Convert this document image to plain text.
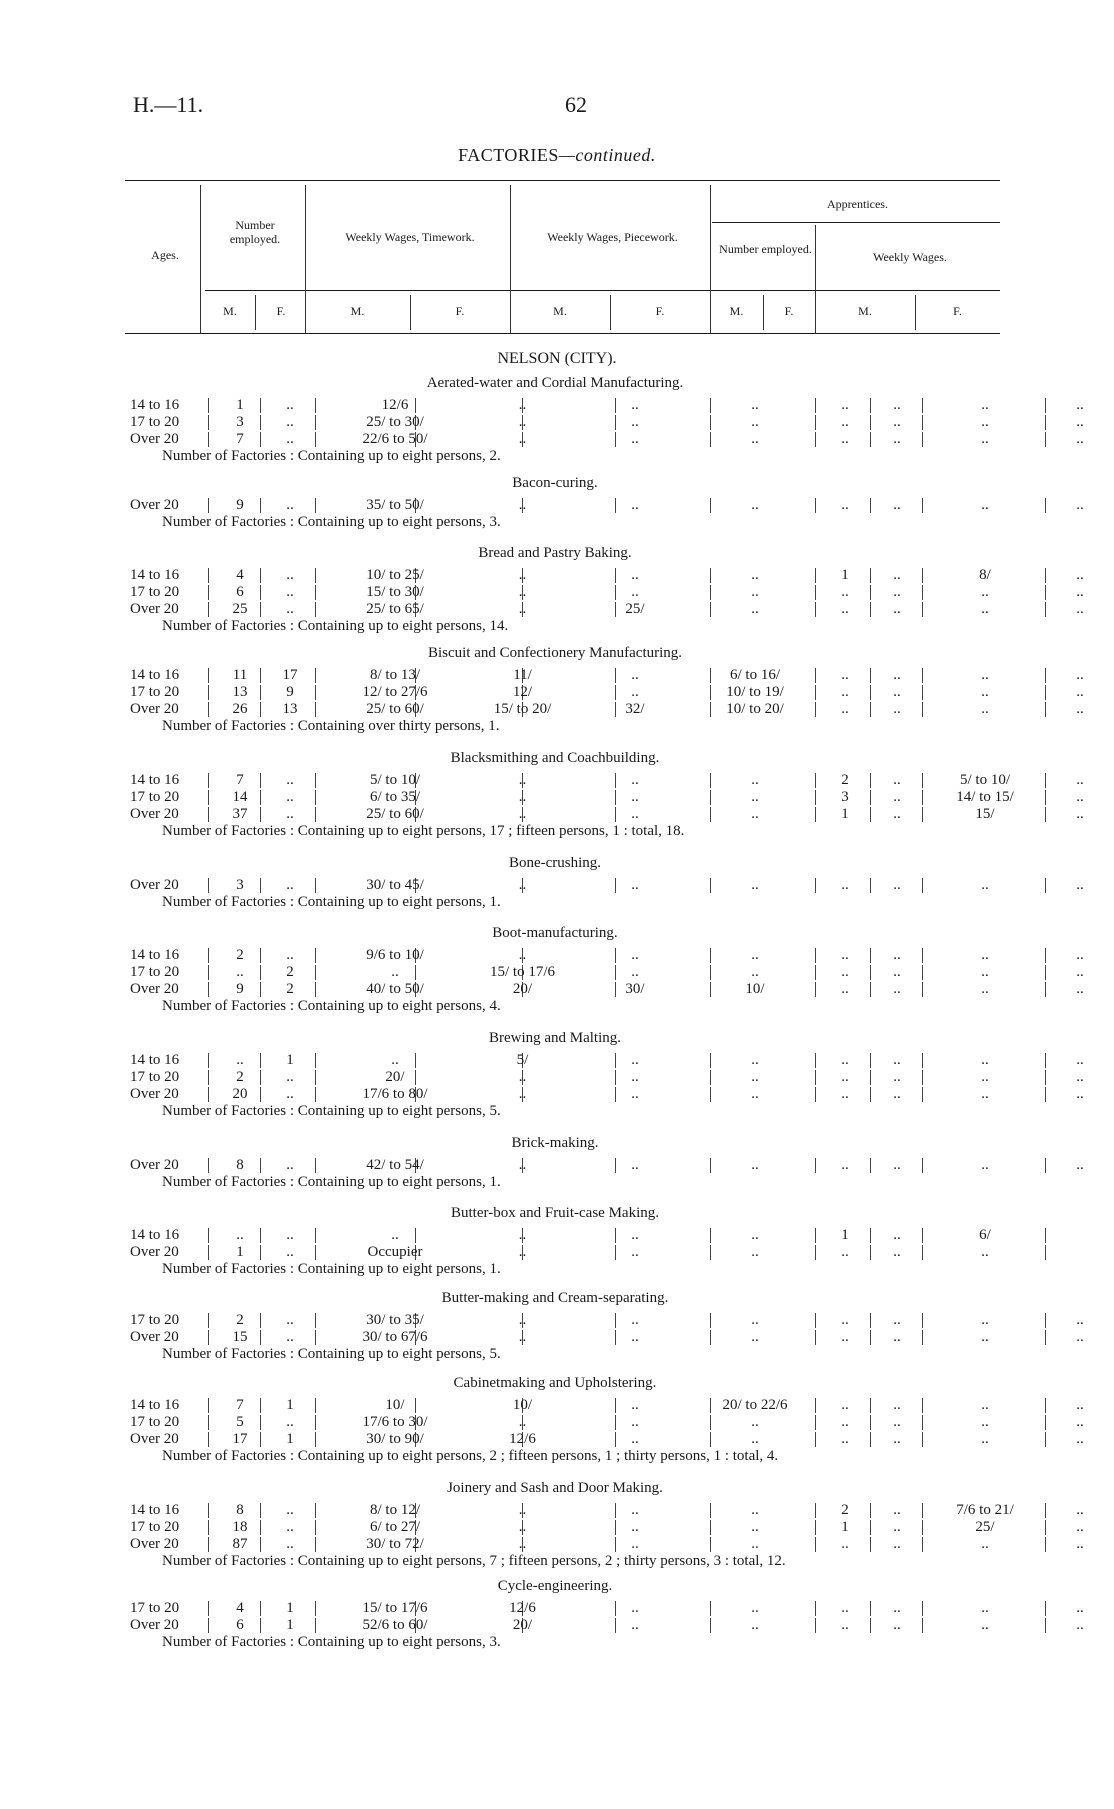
H.—11.	62
FACTORIES—continued.
Ages.
Number employed.	Weekly Wages, Timework.	Weekly Wages, Piecework.
Apprentices.
Number employed.
Weekly Wages.
M.	F.	M.	F.	M.	F.	M.	F.	M.	F.
NELSON (CITY).
Aerated-water and Cordial Manufacturing.
14 to 16	1	..	12/6	..	..	..	..	..	..	..
17 to 20	3	..	25/ to 30/	..	..	..	..	..	..	..
Over 20	7	..	22/6 to 50/	..	..	..	..	..	..	..
Number of Factories : Containing up to eight persons, 2.
Bacon-curing.
Over 20	9	..	35/ to 50/	..	..	..	..	..	..	..
Number of Factories : Containing up to eight persons, 3.
Bread and Pastry Baking.
14 to 16	4	..	10/ to 25/	..	..	..	1	..	8/	..
17 to 20	6	..	15/ to 30/	..	..	..	..	..	..	..
Over 20	25	..	25/ to 65/	..	25/	..	..	..	..	..
Number of Factories : Containing up to eight persons, 14.
Biscuit and Confectionery Manufacturing.
14 to 16	11	17	8/ to 13/	11/	..	6/ to 16/	..	..	..	..
17 to 20	13	9	12/ to 27/6	12/	..	10/ to 19/	..	..	..	..
Over 20	26	13	25/ to 60/	15/ to 20/	32/	10/ to 20/	..	..	..	..
Number of Factories : Containing over thirty persons, 1.
Blacksmithing and Coachbuilding.
14 to 16	7	..	5/ to 10/	..	..	..	2	..	5/ to 10/	..
17 to 20	14	..	6/ to 35/	..	..	..	3	..	14/ to 15/	..
Over 20	37	..	25/ to 60/	..	..	..	1	..	15/	..
Number of Factories : Containing up to eight persons, 17 ; fifteen persons, 1 : total, 18.
Bone-crushing.
Over 20	3	..	30/ to 45/	..	..	..	..	..	..	..
Number of Factories : Containing up to eight persons, 1.
Boot-manufacturing.
14 to 16	2	..	9/6 to 10/	..	..	..	..	..	..	..
17 to 20	..	2	..	15/ to 17/6	..	..	..	..	..	..
Over 20	9	2	40/ to 50/	20/	30/	10/	..	..	..	..
Number of Factories : Containing up to eight persons, 4.
Brewing and Malting.
14 to 16	..	1	..	5/	..	..	..	..	..	..
17 to 20	2	..	20/	..	..	..	..	..	..	..
Over 20	20	..	17/6 to 80/	..	..	..	..	..	..	..
Number of Factories : Containing up to eight persons, 5.
Brick-making.
Over 20	8	..	42/ to 54/	..	..	..	..	..	..	..
Number of Factories : Containing up to eight persons, 1.
Butter-box and Fruit-case Making.
14 to 16	..	..	..	..	..	..	1	..	6/
Over 20	1	..	Occupier	..	..	..	..	..	..
Number of Factories : Containing up to eight persons, 1.
Butter-making and Cream-separating.
17 to 20	2	..	30/ to 35/	..	..	..	..	..	..	..
Over 20	15	..	30/ to 67/6	..	..	..	..	..	..	..
Number of Factories : Containing up to eight persons, 5.
Cabinetmaking and Upholstering.
14 to 16	7	1	10/	10/	..	20/ to 22/6	..	..	..	..
17 to 20	5	..	17/6 to 30/	..	..	..	..	..	..	..
Over 20	17	1	30/ to 90/	12/6	..	..	..	..	..	..
Number of Factories : Containing up to eight persons, 2 ; fifteen persons, 1 ; thirty persons, 1 : total, 4.
Joinery and Sash and Door Making.
14 to 16	8	..	8/ to 12/	..	..	..	2	..	7/6 to 21/	..
17 to 20	18	..	6/ to 27/	..	..	..	1	..	25/	..
Over 20	87	..	30/ to 72/	..	..	..	..	..	..	..
Number of Factories : Containing up to eight persons, 7 ; fifteen persons, 2 ; thirty persons, 3 : total, 12.
Cycle-engineering.
17 to 20	4	1	15/ to 17/6	12/6	..	..	..	..	..	..
Over 20	6	1	52/6 to 60/	20/	..	..	..	..	..	..
Number of Factories : Containing up to eight persons, 3.
